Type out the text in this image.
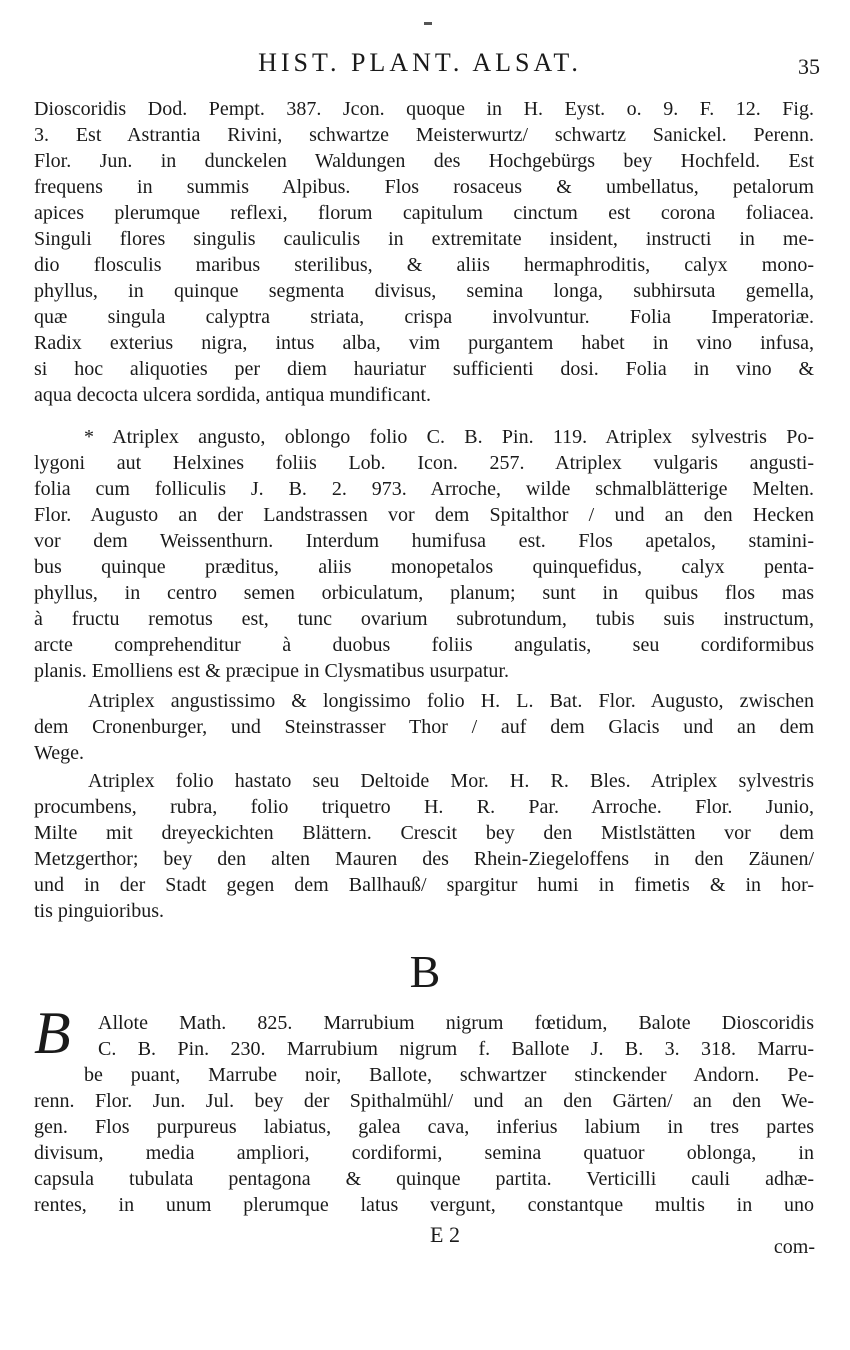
HIST. PLANT. ALSAT.	35
Dioscoridis Dod. Pempt. 387. Jcon. quoque in H. Eyst. o. 9. F. 12. Fig.
3. Est Astrantia Rivini, schwartze Meisterwurtz/ schwartz Sanickel. Perenn.
Flor. Jun. in dunckelen Waldungen des Hochgebürgs bey Hochfeld. Est
frequens in summis Alpibus. Flos rosaceus & umbellatus, petalorum
apices plerumque reflexi, florum capitulum cinctum est corona foliacea.
Singuli flores singulis cauliculis in extremitate insident, instructi in me-
dio flosculis maribus sterilibus, & aliis hermaphroditis, calyx mono-
phyllus, in quinque segmenta divisus, semina longa, subhirsuta gemella,
quæ singula calyptra striata, crispa involvuntur. Folia Imperatoriæ.
Radix exterius nigra, intus alba, vim purgantem habet in vino infusa,
si hoc aliquoties per diem hauriatur sufficienti dosi. Folia in vino &
aqua decocta ulcera sordida, antiqua mundificant.
* Atriplex angusto, oblongo folio C. B. Pin. 119. Atriplex sylvestris Po-
lygoni aut Helxines foliis Lob. Icon. 257. Atriplex vulgaris angusti-
folia cum folliculis J. B. 2. 973. Arroche, wilde schmalblätterige Melten.
Flor. Augusto an der Landstrassen vor dem Spitalthor / und an den Hecken
vor dem Weissenthurn. Interdum humifusa est. Flos apetalos, stamini-
bus quinque præditus, aliis monopetalos quinquefidus, calyx penta-
phyllus, in centro semen orbiculatum, planum; sunt in quibus flos mas
à fructu remotus est, tunc ovarium subrotundum, tubis suis instructum,
arcte comprehenditur à duobus foliis angulatis, seu cordiformibus
planis. Emolliens est & præcipue in Clysmatibus usurpatur.
Atriplex angustissimo & longissimo folio H. L. Bat. Flor. Augusto, zwischen
dem Cronenburger, und Steinstrasser Thor / auf dem Glacis und an dem
Wege.
Atriplex folio hastato seu Deltoide Mor. H. R. Bles. Atriplex sylvestris
procumbens, rubra, folio triquetro H. R. Par. Arroche. Flor. Junio,
Milte mit dreyeckichten Blättern. Crescit bey den Mistlstätten vor dem
Metzgerthor; bey den alten Mauren des Rhein-Ziegeloffens in den Zäunen/
und in der Stadt gegen dem Ballhauß/ spargitur humi in fimetis & in hor-
tis pinguioribus.
B
B	Allote Math. 825. Marrubium nigrum fœtidum, Balote Dioscoridis
C. B. Pin. 230. Marrubium nigrum f. Ballote J. B. 3. 318. Marru-
be puant, Marrube noir, Ballote, schwartzer stinckender Andorn. Pe-
renn. Flor. Jun. Jul. bey der Spithalmühl/ und an den Gärten/ an den We-
gen. Flos purpureus labiatus, galea cava, inferius labium in tres partes
divisum, media ampliori, cordiformi, semina quatuor oblonga, in
capsula tubulata pentagona & quinque partita. Verticilli cauli adhæ-
rentes, in unum plerumque latus vergunt, constantque multis in uno
E 2	com-
